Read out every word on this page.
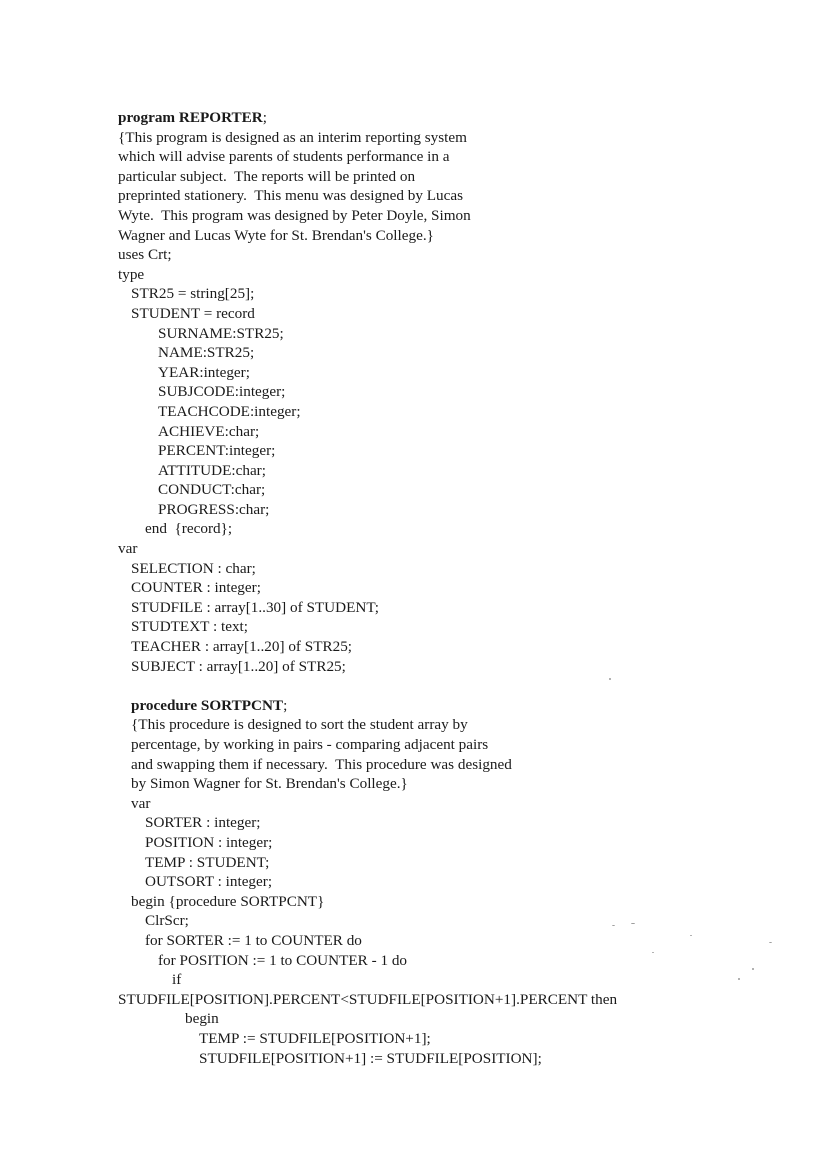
program REPORTER;
{This program is designed as an interim reporting system
which will advise parents of students performance in a
particular subject.  The reports will be printed on
preprinted stationery.  This menu was designed by Lucas
Wyte.  This program was designed by Peter Doyle, Simon
Wagner and Lucas Wyte for St. Brendan's College.}
uses Crt;
type
STR25 = string[25];
STUDENT = record
SURNAME:STR25;
NAME:STR25;
YEAR:integer;
SUBJCODE:integer;
TEACHCODE:integer;
ACHIEVE:char;
PERCENT:integer;
ATTITUDE:char;
CONDUCT:char;
PROGRESS:char;
end  {record};
var
SELECTION : char;
COUNTER : integer;
STUDFILE : array[1..30] of STUDENT;
STUDTEXT : text;
TEACHER : array[1..20] of STR25;
SUBJECT : array[1..20] of STR25;
procedure SORTPCNT;
{This procedure is designed to sort the student array by
percentage, by working in pairs - comparing adjacent pairs
and swapping them if necessary.  This procedure was designed
by Simon Wagner for St. Brendan's College.}
var
SORTER : integer;
POSITION : integer;
TEMP : STUDENT;
OUTSORT : integer;
begin {procedure SORTPCNT}
ClrScr;
for SORTER := 1 to COUNTER do
for POSITION := 1 to COUNTER - 1 do
if
STUDFILE[POSITION].PERCENT<STUDFILE[POSITION+1].PERCENT then
begin
TEMP := STUDFILE[POSITION+1];
STUDFILE[POSITION+1] := STUDFILE[POSITION];
